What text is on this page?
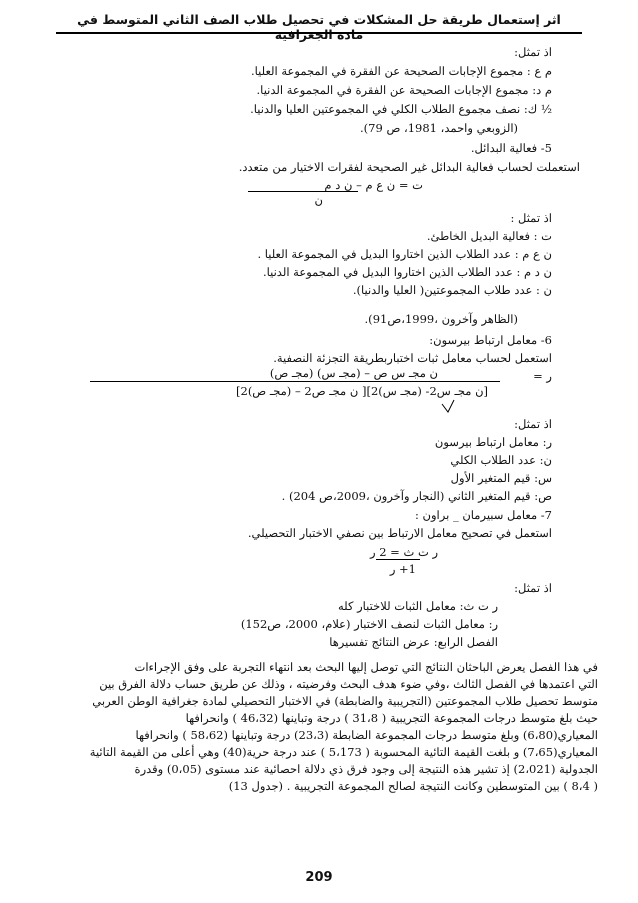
اثر إستعمال طريقة حل المشكلات في تحصيل طلاب الصف الثاني المتوسط في مادة الجغرافية
اذ تمثل:
م ع : مجموع الإجابات الصحيحة عن الفقرة في المجموعة العليا.
م د: مجموع الإجابات الصحيحة عن الفقرة في المجموعة الدنيا.
½ ك: نصف مجموع الطلاب الكلي في المجموعتين العليا والدنيا.
(الزوبعي واحمد، 1981، ص 79).
5- فعالية البدائل.
استعملت لحساب فعالية البدائل غير الصحيحة لفقرات الاختيار من متعدد.
ت = ن ع م – ن د م
ن
اذ تمثل :
ت : فعالية البديل الخاطئ.
ن ع م : عدد الطلاب الذين اختاروا البديل في المجموعة العليا .
ن د م : عدد الطلاب الذين اختاروا البديل في المجموعة الدنيا.
ن : عدد طلاب المجموعتين( العليا والدنيا).
(الظاهر وآخرون ،1999،ص91).
6- معامل ارتباط بيرسون:
استعمل لحساب معامل ثبات اختباربطريقة التجزئة النصفية.
ر =
ن مجـ س ص – (مجـ س) (مجـ ص)
[ن مجـ س2- (مجـ س)2][ ن مجـ ص2 – (مجـ ص)2]
اذ تمثل:
ر: معامل ارتباط بيرسون
ن: عدد الطلاب الكلي
س: قيم المتغير الأول
ص: قيم المتغير الثاني (النجار وآخرون ،2009،ص 204) .
7- معامل سبيرمان _ براون :
استعمل في تصحيح معامل الارتباط بين نصفي الاختبار التحصيلي.
ر ت ث = 2 ر
1+ ر
اذ تمثل:
ر ت ث: معامل الثبات للاختبار كله
ر: معامل الثبات لنصف الاختبار (علام، 2000، ص152)
الفصل الرابع: عرض النتائج تفسيرها
في هذا الفصل يعرض الباحثان النتائج التي توصل إليها البحث بعد انتهاء التجربة على وفق الإجراءات
التي اعتمدها في الفصل الثالث ،وفي ضوء هدف البحث وفرضيته ، وذلك عن طريق حساب دلالة الفرق بين
متوسط تحصيل طلاب المجموعتين (التجريبية والضابطة) في الاختبار التحصيلي لمادة جغرافية الوطن العربي
حيث بلغ متوسط درجات المجموعة التجريبية ( 31،8 ) درجة وتباينها (46،32 ) وانحرافها
المعياري(6،80) وبلغ متوسط درجات المجموعة الضابطة (23،3) درجة وتباينها (58،62 ) وانحرافها
المعياري(7،65) و بلغت القيمة التائية المحسوبة ( 5،173 ) عند درجة حرية(40) وهي أعلى من القيمة التائية
الجدولية (2،021) إذ تشير هذه النتيجة إلى وجود فرق ذي دلالة احصائية عند مستوى (0،05) وقدرة
( 8،4 ) بين المتوسطين وكانت النتيجة لصالح المجموعة التجريبية . (جدول 13)
209
